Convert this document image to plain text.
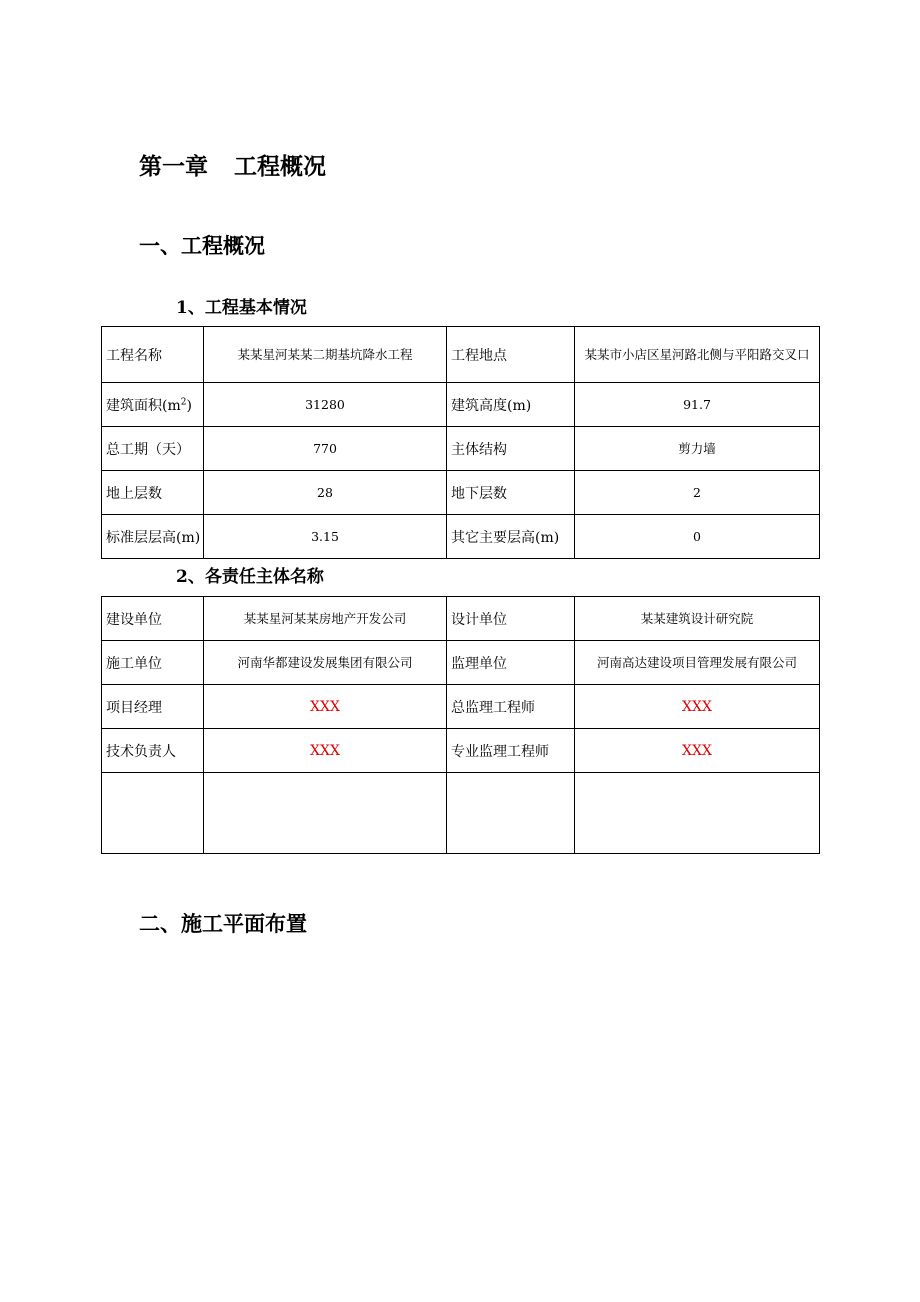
第一章 工程概况
一、工程概况
1、工程基本情况
工程名称	某某星河某某二期基坑降水工程	工程地点	某某市小店区星河路北侧与平阳路交叉口
建筑面积$(m^2)$	31280	建筑高度(m)	91.7
总工期（天）	770	主体结构	剪力墙
地上层数	28	地下层数	2
标准层层高(m)	3.15	其它主要层高(m)	0
2、各责任主体名称
建设单位	某某星河某某房地产开发公司	设计单位	某某建筑设计研究院
施工单位	河南华都建设发展集团有限公司	监理单位	河南高达建设项目管理发展有限公司
项目经理	XXX	总监理工程师	XXX
技术负责人	XXX	专业监理工程师	XXX

二、施工平面布置
